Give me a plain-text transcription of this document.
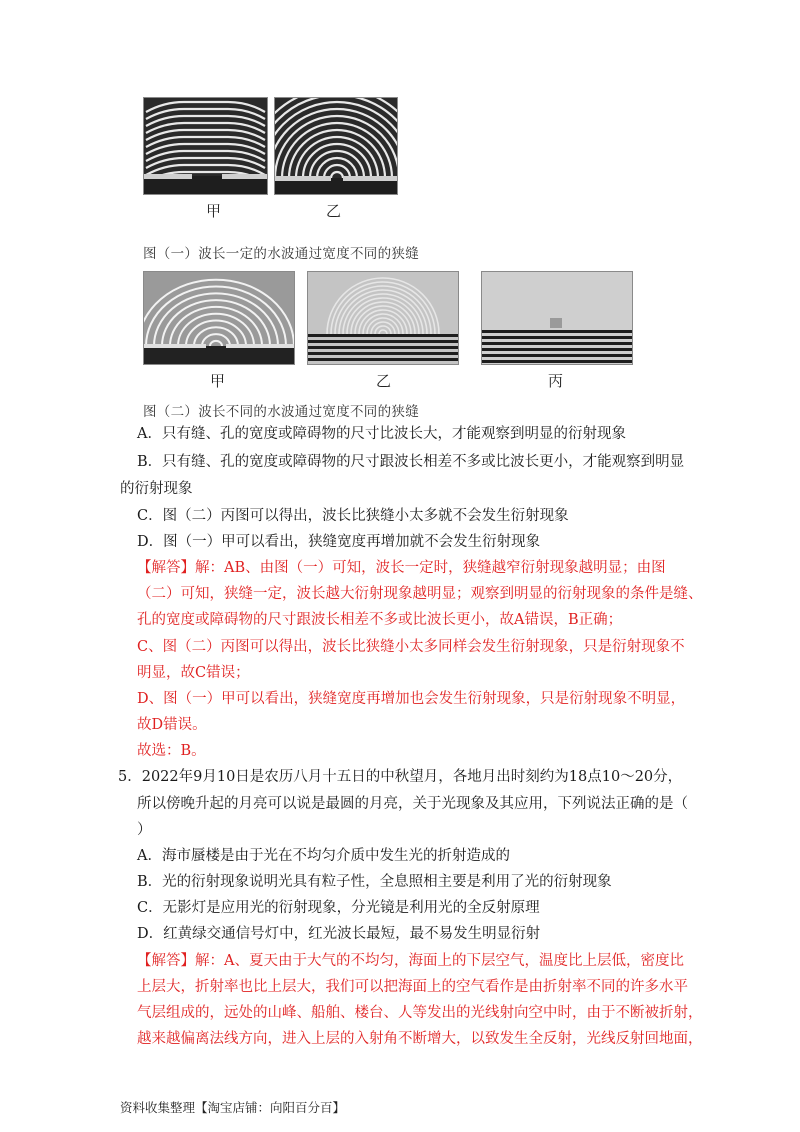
甲	乙
图（一）波长一定的水波通过宽度不同的狭缝
甲	乙	丙
图（二）波长不同的水波通过宽度不同的狭缝
A．只有缝、孔的宽度或障碍物的尺寸比波长大，才能观察到明显的衍射现象
B．只有缝、孔的宽度或障碍物的尺寸跟波长相差不多或比波长更小，才能观察到明显
的衍射现象
C．图（二）丙图可以得出，波长比狭缝小太多就不会发生衍射现象
D．图（一）甲可以看出，狭缝宽度再增加就不会发生衍射现象
【解答】解：AB、由图（一）可知，波长一定时，狭缝越窄衍射现象越明显；由图
（二）可知，狭缝一定，波长越大衍射现象越明显；观察到明显的衍射现象的条件是缝、
孔的宽度或障碍物的尺寸跟波长相差不多或比波长更小，故A错误，B正确；
C、图（二）丙图可以得出，波长比狭缝小太多同样会发生衍射现象，只是衍射现象不
明显，故C错误；
D、图（一）甲可以看出，狭缝宽度再增加也会发生衍射现象，只是衍射现象不明显，
故D错误。
故选：B。
5．2022年9月10日是农历八月十五日的中秋望月，各地月出时刻约为18点10～20分，
所以傍晚升起的月亮可以说是最圆的月亮，关于光现象及其应用，下列说法正确的是（
）
A．海市蜃楼是由于光在不均匀介质中发生光的折射造成的
B．光的衍射现象说明光具有粒子性，全息照相主要是利用了光的衍射现象
C．无影灯是应用光的衍射现象，分光镜是利用光的全反射原理
D．红黄绿交通信号灯中，红光波长最短，最不易发生明显衍射
【解答】解：A、夏天由于大气的不均匀，海面上的下层空气，温度比上层低，密度比
上层大，折射率也比上层大，我们可以把海面上的空气看作是由折射率不同的许多水平
气层组成的，远处的山峰、船舶、楼台、人等发出的光线射向空中时，由于不断被折射，
越来越偏离法线方向，进入上层的入射角不断增大，以致发生全反射，光线反射回地面，
资料收集整理【淘宝店铺：向阳百分百】
